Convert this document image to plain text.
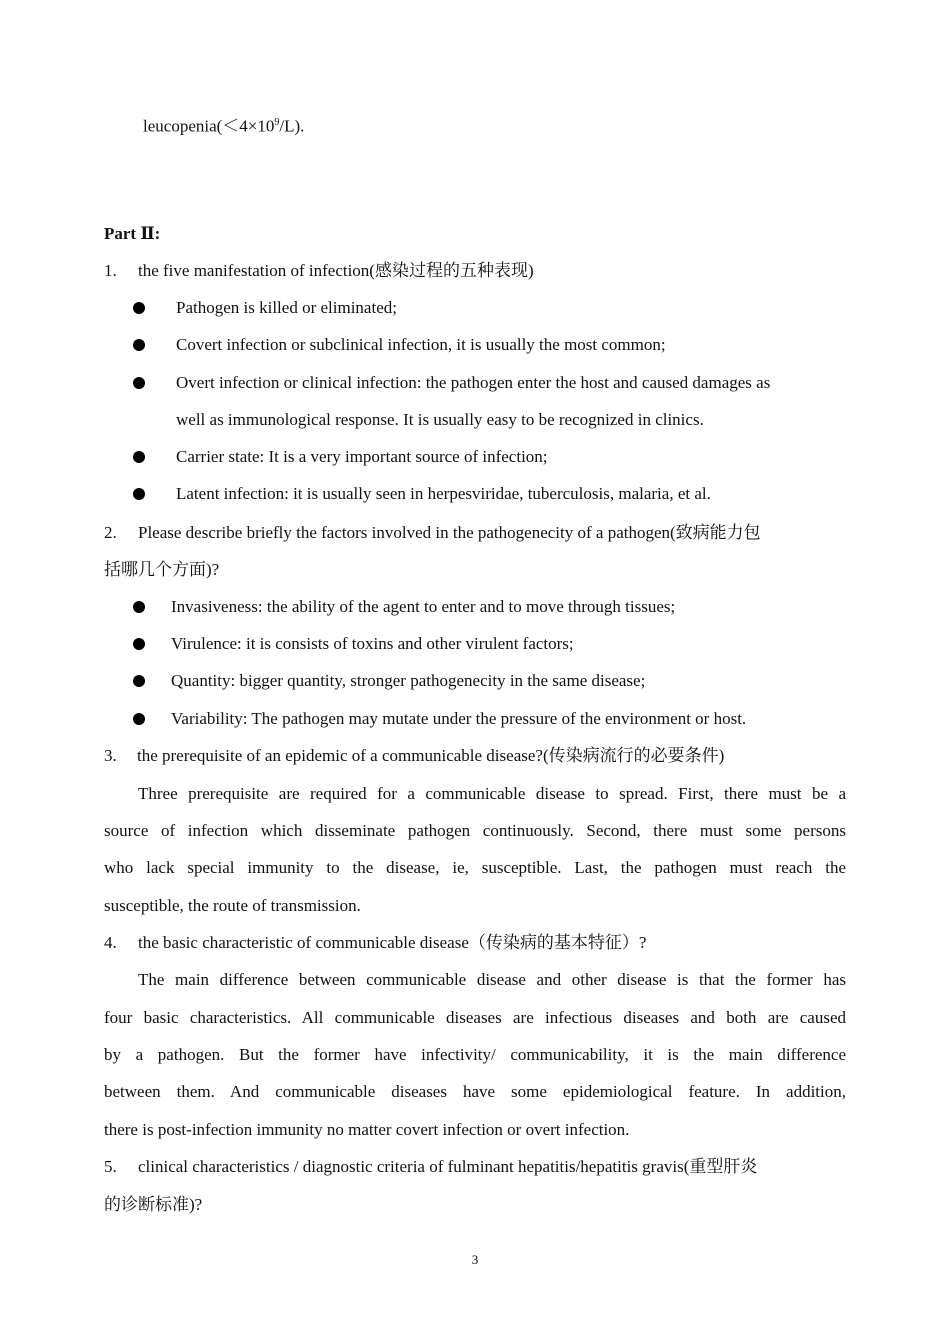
$leucopenia(<4\times 10^9/L)$.
Part Ⅱ:
1. the five manifestation of infection(感染过程的五种表现)
Pathogen is killed or eliminated;
Covert infection or subclinical infection, it is usually the most common;
Overt infection or clinical infection: the pathogen enter the host and caused damages as
well as immunological response. It is usually easy to be recognized in clinics.
Carrier state: It is a very important source of infection;
Latent infection: it is usually seen in herpesviridae, tuberculosis, malaria, et al.
2. Please describe briefly the factors involved in the pathogenecity of a pathogen(致病能力包
括哪几个方面)?
Invasiveness: the ability of the agent to enter and to move through tissues;
Virulence: it is consists of toxins and other virulent factors;
Quantity: bigger quantity, stronger pathogenecity in the same disease;
Variability: The pathogen may mutate under the pressure of the environment or host.
3. the prerequisite of an epidemic of a communicable disease?(传染病流行的必要条件)
Three prerequisite are required for a communicable disease to spread. First, there must be a
source of infection which disseminate pathogen continuously. Second, there must some persons
who lack special immunity to the disease, ie, susceptible. Last, the pathogen must reach the
susceptible, the route of transmission.
4. the basic characteristic of communicable disease（传染病的基本特征）?
The main difference between communicable disease and other disease is that the former has
four basic characteristics. All communicable diseases are infectious diseases and both are caused
by a pathogen. But the former have infectivity/ communicability, it is the main difference
between them. And communicable diseases have some epidemiological feature. In addition,
there is post-infection immunity no matter covert infection or overt infection.
5. clinical characteristics / diagnostic criteria of fulminant hepatitis/hepatitis gravis(重型肝炎
的诊断标准)?
3
